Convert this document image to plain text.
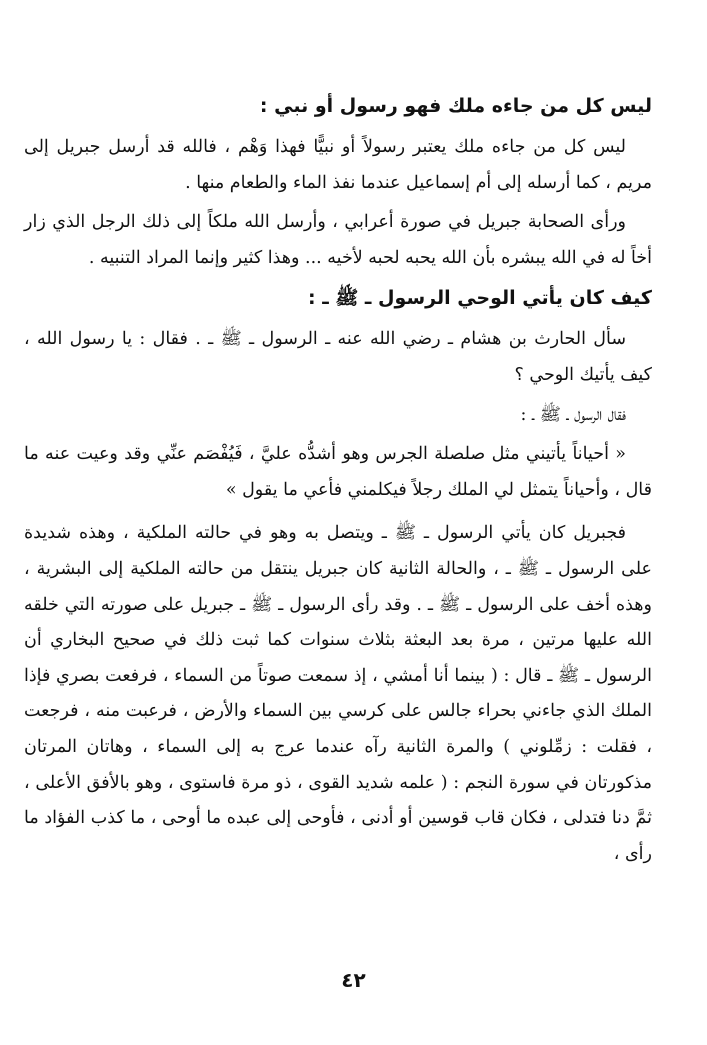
ليس كل من جاءه ملك فهو رسول أو نبي :

ليس كل من جاءه ملك يعتبر رسولاً أو نبيًّا فهذا وَهْم ، فالله قد أرسل جبريل إلى مريم ، كما أرسله إلى أم إسماعيل عندما نفذ الماء والطعام منها .

ورأى الصحابة جبريل في صورة أعرابي ، وأرسل الله ملكاً إلى ذلك الرجل الذي زار أخاً له في الله يبشره بأن الله يحبه لحبه لأخيه ... وهذا كثير وإنما المراد التنبيه .

كيف كان يأتي الوحي الرسول ـ ﷺ ـ :

سأل الحارث بن هشام ـ رضي الله عنه ـ الرسول ـ ﷺ ـ . فقال : يا رسول الله ، كيف يأتيك الوحي ؟

فقال الرسول ـ ﷺ ـ :

« أحياناً يأتيني مثل صلصلة الجرس وهو أشدُّه عليَّ ، فَيُفْصَم عنِّي وقد وعيت عنه ما قال ، وأحياناً يتمثل لي الملك رجلاً فيكلمني فأعي ما يقول »

فجبريل كان يأتي الرسول ـ ﷺ ـ ويتصل به وهو في حالته الملكية ، وهذه شديدة على الرسول ـ ﷺ ـ ، والحالة الثانية كان جبريل ينتقل من حالته الملكية إلى البشرية ، وهذه أخف على الرسول ـ ﷺ ـ . وقد رأى الرسول ـ ﷺ ـ جبريل على صورته التي خلقه الله عليها مرتين ، مرة بعد البعثة بثلاث سنوات كما ثبت ذلك في صحيح البخاري أن الرسول ـ ﷺ ـ قال : ( بينما أنا أمشي ، إذ سمعت صوتاً من السماء ، فرفعت بصري فإذا الملك الذي جاءني بحراء جالس على كرسي بين السماء والأرض ، فرعبت منه ، فرجعت ، فقلت : زمِّلوني ) والمرة الثانية رآه عندما عرج به إلى السماء ، وهاتان المرتان مذكورتان في سورة النجم : ( علمه شديد القوى ، ذو مرة فاستوى ، وهو بالأفق الأعلى ، ثمَّ دنا فتدلى ، فكان قاب قوسين أو أدنى ، فأوحى إلى عبده ما أوحى ، ما كذب الفؤاد ما رأى ،

٤٢
